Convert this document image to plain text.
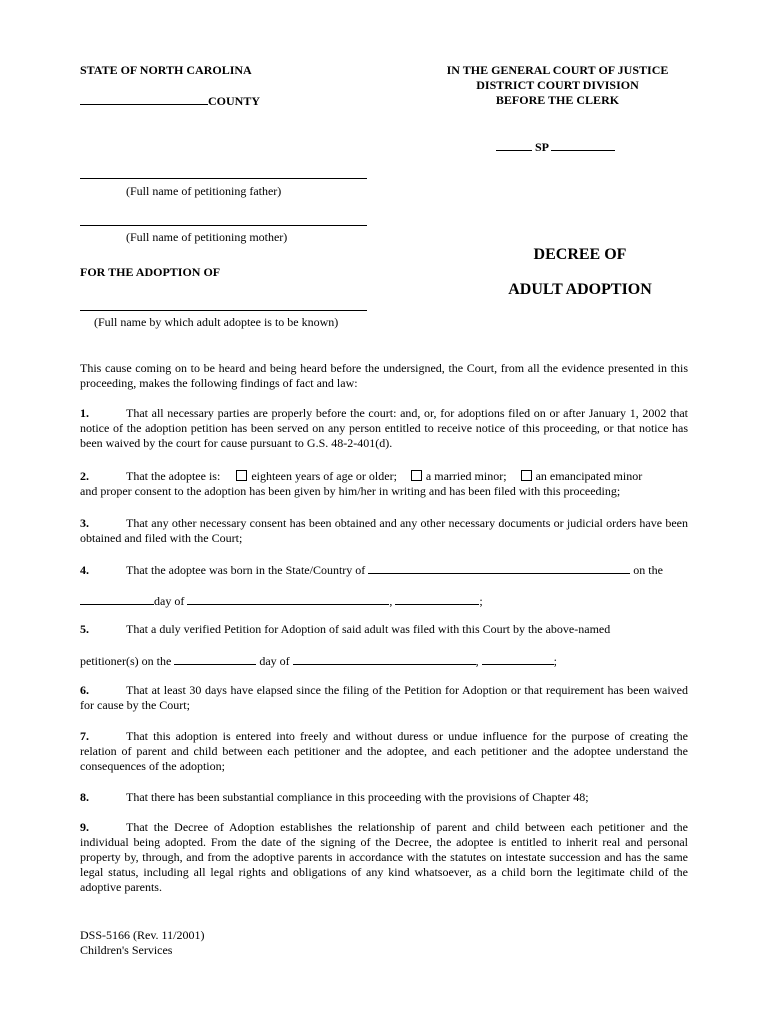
STATE OF NORTH CAROLINA
COUNTY
IN THE GENERAL COURT OF JUSTICE
DISTRICT COURT DIVISION
BEFORE THE CLERK
SP
(Full name of petitioning father)
(Full name of petitioning mother)
FOR THE ADOPTION OF
(Full name by which adult adoptee is to be known)
DECREE OF
ADULT ADOPTION
This cause coming on to be heard and being heard before the undersigned, the Court, from all the evidence presented in this proceeding, makes the following findings of fact and law:
1.	That all necessary parties are properly before the court: and, or, for adoptions filed on or after January 1, 2002 that notice of the adoption petition has been served on any person entitled to receive notice of this proceeding, or that notice has been waived by the court for cause pursuant to G.S. 48-2-401(d).
2.	That the adoptee is:	eighteen years of age or older; a married minor; an emancipated minor
and proper consent to the adoption has been given by him/her in writing and has been filed with this proceeding;
3.	That any other necessary consent has been obtained and any other necessary documents or judicial orders have been obtained and filed with the Court;
4.	That the adoptee was born in the State/Country of	on the
day of	,	;
5.	That a duly verified Petition for Adoption of said adult was filed with this Court by the above-named
petitioner(s) on the	day of	,	;
6.	That at least 30 days have elapsed since the filing of the Petition for Adoption or that requirement has been waived for cause by the Court;
7.	That this adoption is entered into freely and without duress or undue influence for the purpose of creating the relation of parent and child between each petitioner and the adoptee, and each petitioner and the adoptee understand the consequences of the adoption;
8.	That there has been substantial compliance in this proceeding with the provisions of Chapter 48;
9.	That the Decree of Adoption establishes the relationship of parent and child between each petitioner and the individual being adopted. From the date of the signing of the Decree, the adoptee is entitled to inherit real and personal property by, through, and from the adoptive parents in accordance with the statutes on intestate succession and has the same legal status, including all legal rights and obligations of any kind whatsoever, as a child born the legitimate child of the adoptive parents.
DSS-5166 (Rev. 11/2001)
Children's Services
